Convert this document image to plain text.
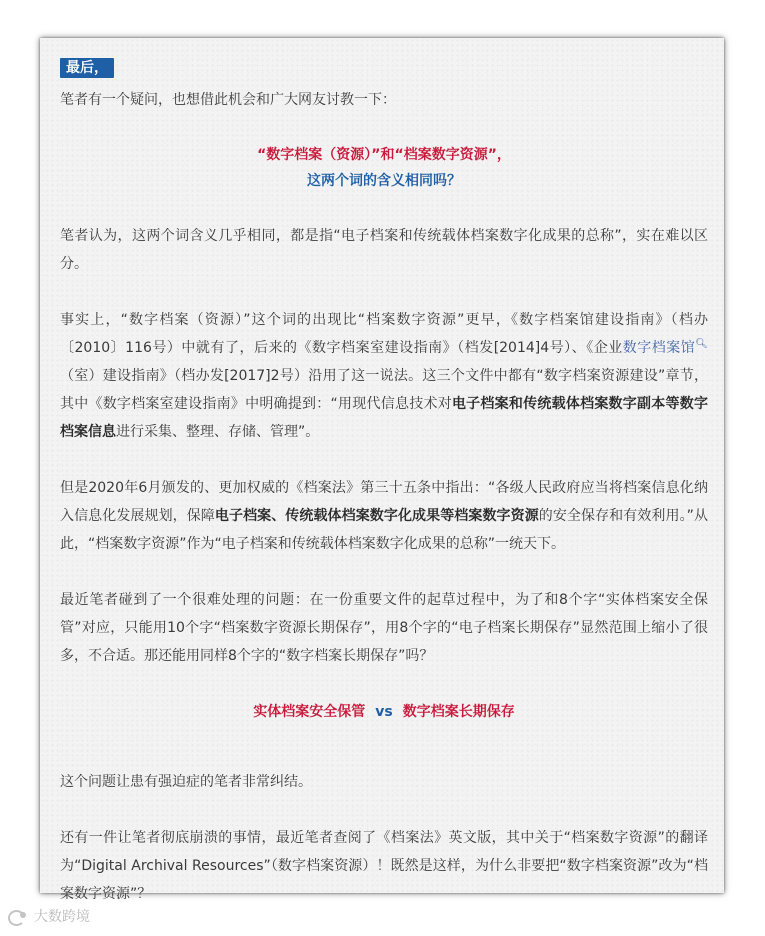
最后，

笔者有一个疑问，也想借此机会和广大网友讨教一下：

“数字档案（资源）”和“档案数字资源”，

这两个词的含义相同吗？

笔者认为，这两个词含义几乎相同，都是指“电子档案和传统载体档案数字化成果的总称”，实在难以区分。

事实上，“数字档案（资源）”这个词的出现比“档案数字资源”更早，《数字档案馆建设指南》（档办〔2010〕116号）中就有了，后来的《数字档案室建设指南》（档发[2014]4号）、《企业数字档案馆🔍︎（室）建设指南》（档办发[2017]2号）沿用了这一说法。这三个文件中都有“数字档案资源建设”章节，其中《数字档案室建设指南》中明确提到：“用现代信息技术对电子档案和传统载体档案数字副本等数字档案信息进行采集、整理、存储、管理”。

但是2020年6月颁发的、更加权威的《档案法》第三十五条中指出：“各级人民政府应当将档案信息化纳入信息化发展规划，保障电子档案、传统载体档案数字化成果等档案数字资源的安全保存和有效利用。”从此，“档案数字资源”作为“电子档案和传统载体档案数字化成果的总称”一统天下。

最近笔者碰到了一个很难处理的问题：在一份重要文件的起草过程中，为了和8个字“实体档案安全保管”对应，只能用10个字“档案数字资源长期保存”，用8个字的“电子档案长期保存”显然范围上缩小了很多，不合适。那还能用同样8个字的“数字档案长期保存”吗？

实体档案安全保管 vs 数字档案长期保存

这个问题让患有强迫症的笔者非常纠结。

还有一件让笔者彻底崩溃的事情，最近笔者查阅了《档案法》英文版，其中关于“档案数字资源”的翻译为“Digital Archival Resources”（数字档案资源）！既然是这样，为什么非要把“数字档案资源”改为“档案数字资源”？

大数跨境
